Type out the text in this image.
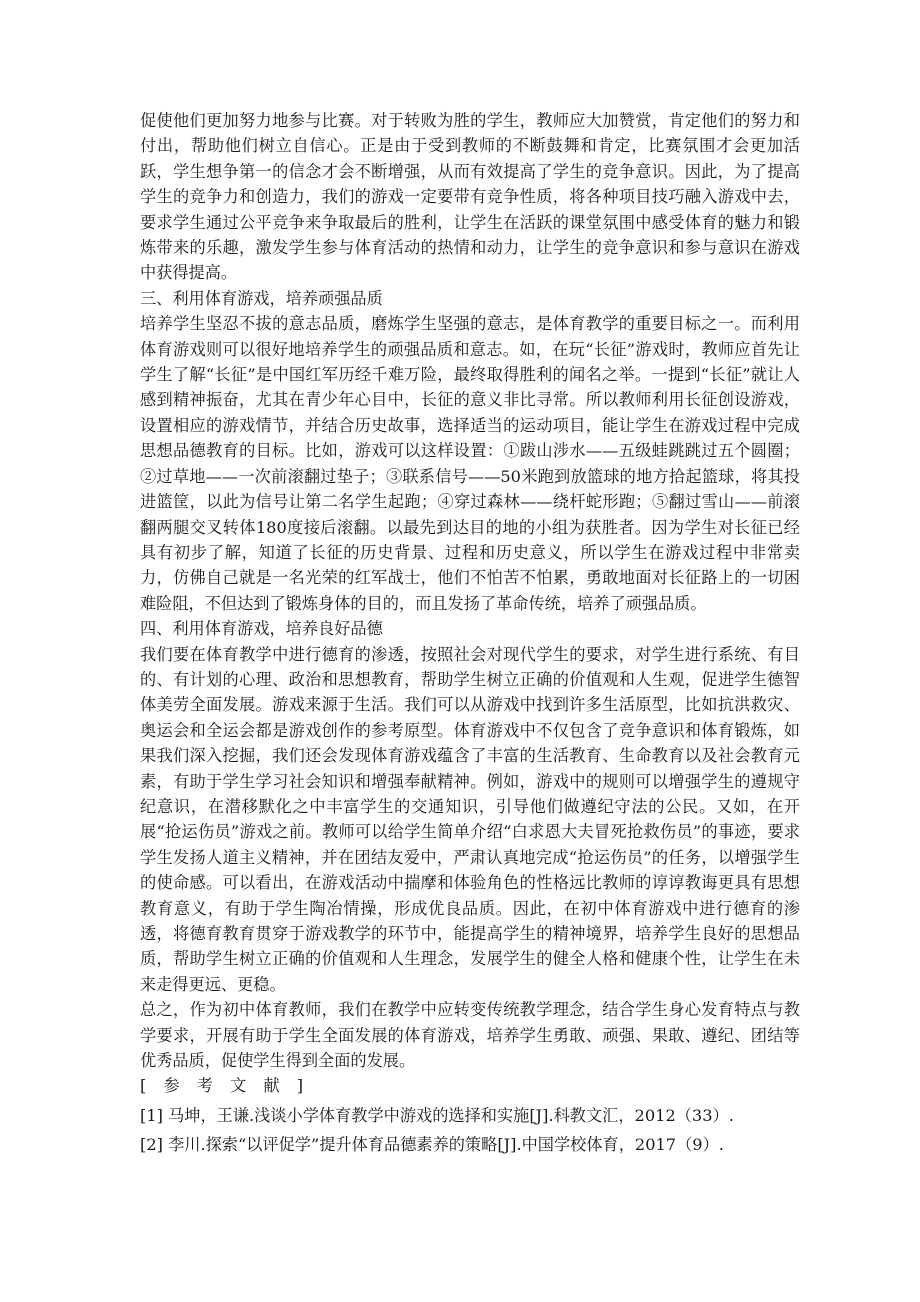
促使他们更加努力地参与比赛。对于转败为胜的学生，教师应大加赞赏，肯定他们的努力和付出，帮助他们树立自信心。正是由于受到教师的不断鼓舞和肯定，比赛氛围才会更加活跃，学生想争第一的信念才会不断增强，从而有效提高了学生的竞争意识。因此，为了提高学生的竞争力和创造力，我们的游戏一定要带有竞争性质，将各种项目技巧融入游戏中去，要求学生通过公平竞争来争取最后的胜利，让学生在活跃的课堂氛围中感受体育的魅力和锻炼带来的乐趣，激发学生参与体育活动的热情和动力，让学生的竞争意识和参与意识在游戏中获得提高。

三、利用体育游戏，培养顽强品质

培养学生坚忍不拔的意志品质，磨炼学生坚强的意志，是体育教学的重要目标之一。而利用体育游戏则可以很好地培养学生的顽强品质和意志。如，在玩“长征”游戏时，教师应首先让学生了解“长征”是中国红军历经千难万险，最终取得胜利的闻名之举。一提到“长征”就让人感到精神振奋，尤其在青少年心目中，长征的意义非比寻常。所以教师利用长征创设游戏，设置相应的游戏情节，并结合历史故事，选择适当的运动项目，能让学生在游戏过程中完成思想品德教育的目标。比如，游戏可以这样设置：①跋山涉水——五级蛙跳跳过五个圆圈；②过草地——一次前滚翻过垫子；③联系信号——50米跑到放篮球的地方拾起篮球，将其投进篮筐，以此为信号让第二名学生起跑；④穿过森林——绕杆蛇形跑；⑤翻过雪山——前滚翻两腿交叉转体180度接后滚翻。以最先到达目的地的小组为获胜者。因为学生对长征已经具有初步了解，知道了长征的历史背景、过程和历史意义，所以学生在游戏过程中非常卖力，仿佛自己就是一名光荣的红军战士，他们不怕苦不怕累，勇敢地面对长征路上的一切困难险阻，不但达到了锻炼身体的目的，而且发扬了革命传统，培养了顽强品质。

四、利用体育游戏，培养良好品德

我们要在体育教学中进行德育的渗透，按照社会对现代学生的要求，对学生进行系统、有目的、有计划的心理、政治和思想教育，帮助学生树立正确的价值观和人生观，促进学生德智体美劳全面发展。游戏来源于生活。我们可以从游戏中找到许多生活原型，比如抗洪救灾、奥运会和全运会都是游戏创作的参考原型。体育游戏中不仅包含了竞争意识和体育锻炼，如果我们深入挖掘，我们还会发现体育游戏蕴含了丰富的生活教育、生命教育以及社会教育元素，有助于学生学习社会知识和增强奉献精神。例如，游戏中的规则可以增强学生的遵规守纪意识，在潜移默化之中丰富学生的交通知识，引导他们做遵纪守法的公民。又如，在开展“抢运伤员”游戏之前。教师可以给学生简单介绍“白求恩大夫冒死抢救伤员”的事迹，要求学生发扬人道主义精神，并在团结友爱中，严肃认真地完成“抢运伤员”的任务，以增强学生的使命感。可以看出，在游戏活动中揣摩和体验角色的性格远比教师的谆谆教诲更具有思想教育意义，有助于学生陶冶情操，形成优良品质。因此，在初中体育游戏中进行德育的渗透，将德育教育贯穿于游戏教学的环节中，能提高学生的精神境界，培养学生良好的思想品质，帮助学生树立正确的价值观和人生理念，发展学生的健全人格和健康个性，让学生在未来走得更远、更稳。

总之，作为初中体育教师，我们在教学中应转变传统教学理念，结合学生身心发育特点与教学要求，开展有助于学生全面发展的体育游戏，培养学生勇敢、顽强、果敢、遵纪、团结等优秀品质，促使学生得到全面的发展。

[ 参 考 文 献 ]

[1] 马坤，王谦.浅谈小学体育教学中游戏的选择和实施[J].科教文汇，2012（33）.

[2] 李川.探索“以评促学”提升体育品德素养的策略[J].中国学校体育，2017（9）.
